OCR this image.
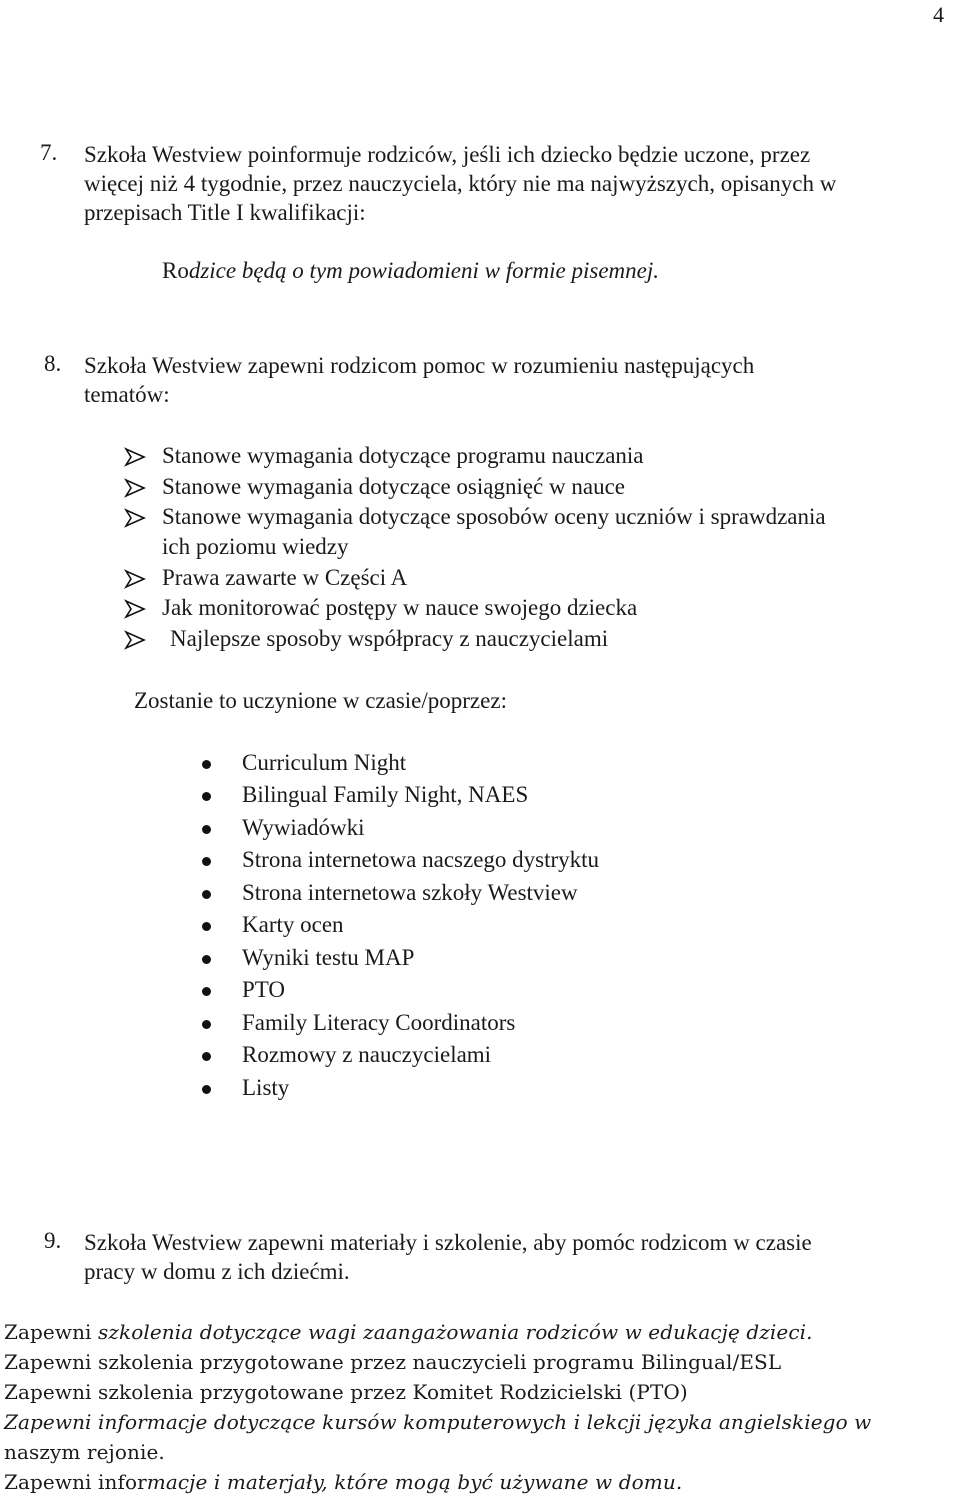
4
7. Szkoła Westview poinformuje rodziców, jeśli ich dziecko będzie uczone, przez
więcej niż 4 tygodnie, przez nauczyciela, który nie ma najwyższych, opisanych w
przepisach Title I kwalifikacji:
Rodzice będą o tym powiadomieni w formie pisemnej.
8. Szkoła Westview zapewni rodzicom pomoc w rozumieniu następujących
tematów:
Stanowe wymagania dotyczące programu nauczania
Stanowe wymagania dotyczące osiągnięć w nauce
Stanowe wymagania dotyczące sposobów oceny uczniów i sprawdzania
ich poziomu wiedzy
Prawa zawarte w Części A
Jak monitorować postępy w nauce swojego dziecka
Najlepsze sposoby współpracy z nauczycielami
Zostanie to uczynione w czasie/poprzez:
Curriculum Night
Bilingual Family Night, NAES
Wywiadówki
Strona internetowa nacszego dystryktu
Strona internetowa szkoły Westview
Karty ocen
Wyniki testu MAP
PTO
Family Literacy Coordinators
Rozmowy z nauczycielami
Listy
9. Szkoła Westview zapewni materiały i szkolenie, aby pomóc rodzicom w czasie
pracy w domu z ich dziećmi.
Zapewni szkolenia dotyczące wagi zaangażowania rodziców w edukację dzieci.
Zapewni szkolenia przygotowane przez nauczycieli programu Bilingual/ESL
Zapewni szkolenia przygotowane przez Komitet Rodzicielski (PTO)
Zapewni informacje dotyczące kursów komputerowych i lekcji języka angielskiego w
naszym rejonie.
Zapewni informacje i materjały, które mogą być używane w domu.
